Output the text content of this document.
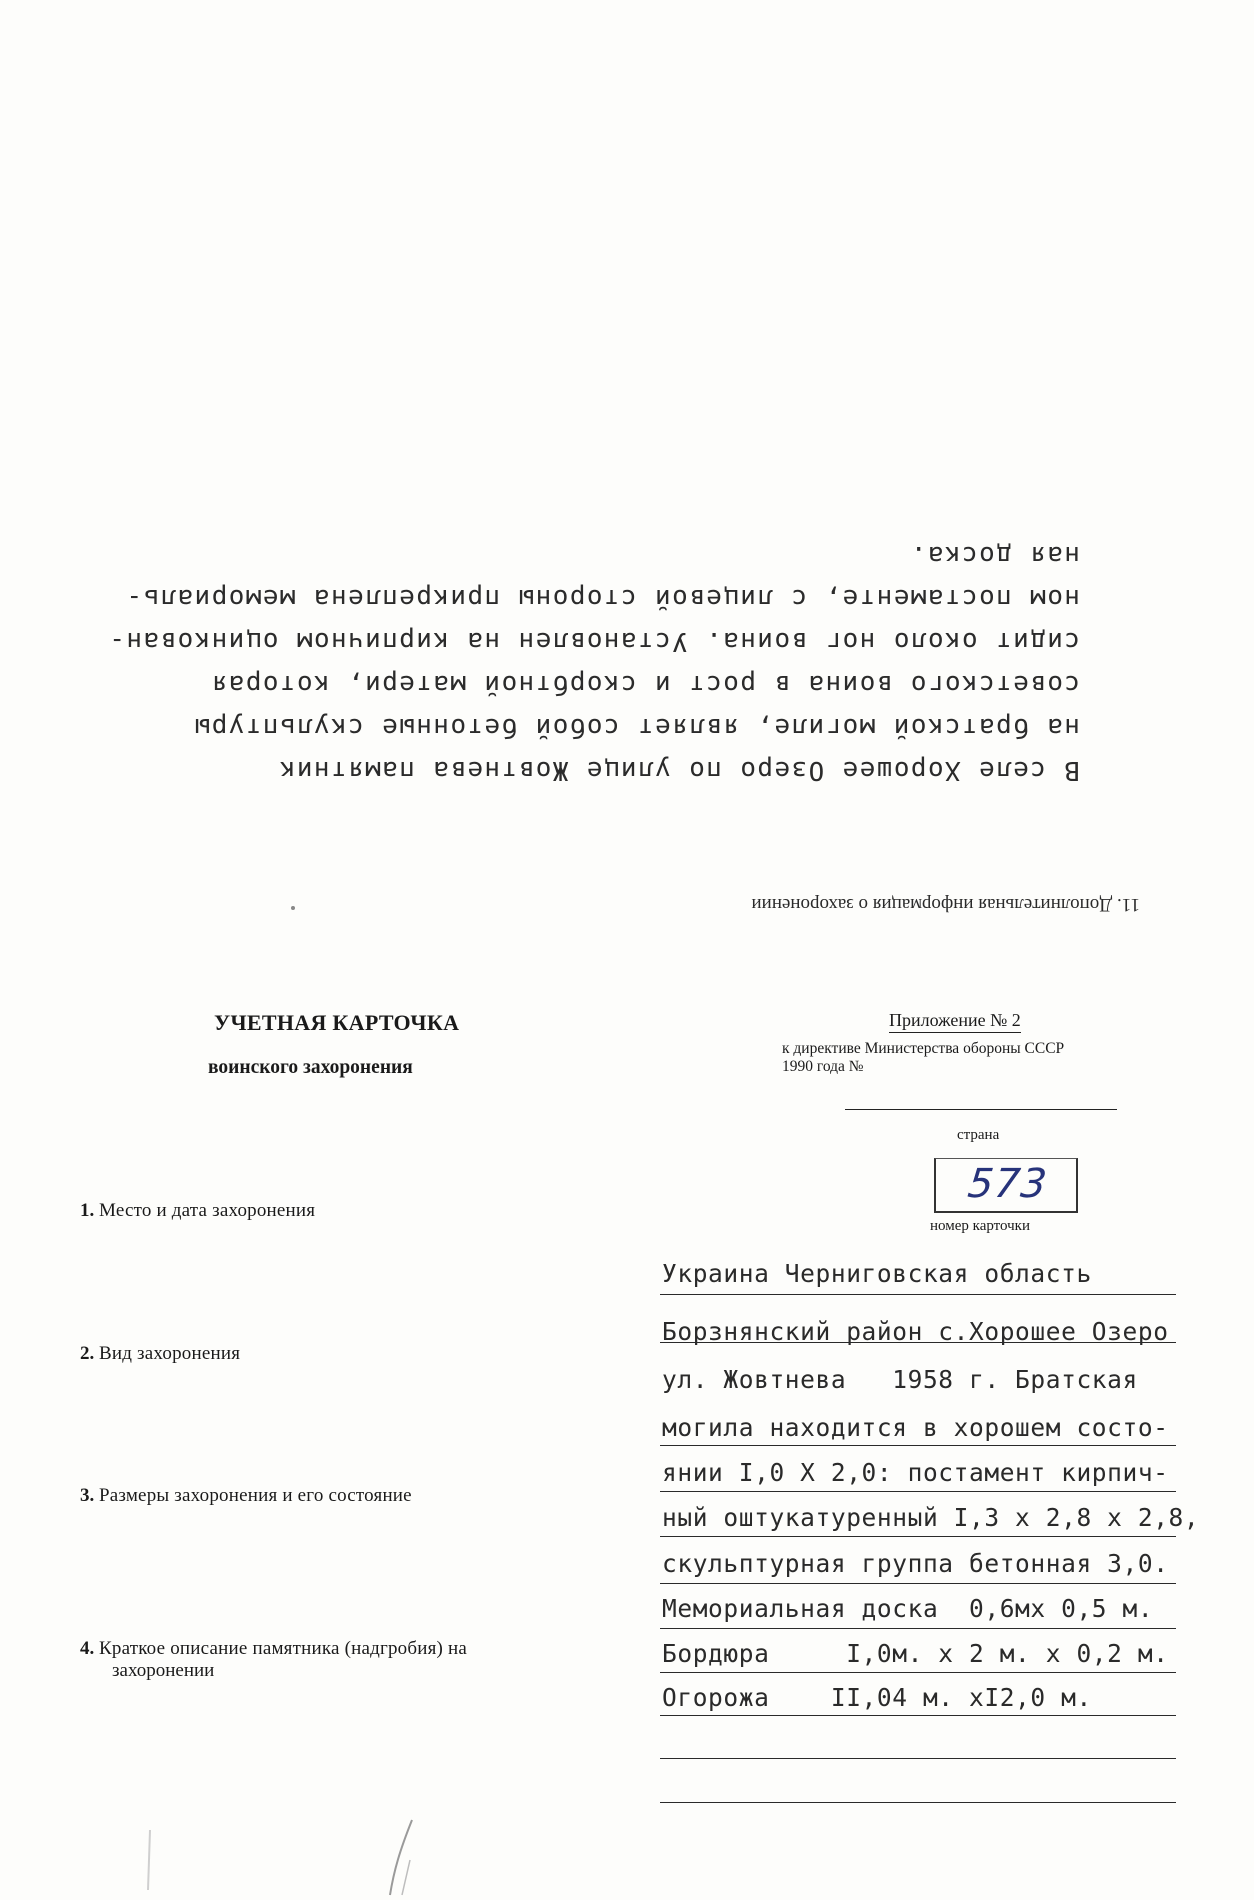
11. Дополнительная информация о захоронении
В селе Хорошее Озеро по улице Жовтнева памятник
на братской могиле, являет собой бетонные скульптуры
советского воина в рост и скорбтной матери, которая
сидит около ног воина. Установлен на кирпичном оцинкован-
ном постаменте, с лицевой стороны прикреплена мемориаль-
ная доска.
УЧЕТНАЯ КАРТОЧКА
воинского захоронения
Приложение № 2
к директиве Министерства обороны СССР
1990 года №
страна
573
номер карточки
1. Место и дата захоронения
2. Вид захоронения
3. Размеры захоронения и его состояние
4. Краткое описание памятника (надгробия) на
захоронении
Украина Черниговская область
Борзнянский район с.Хорошее Озеро
ул. Жовтнева   1958 г. Братская
могила находится в хорошем состо-
янии I,0 X 2,0: постамент кирпич-
ный оштукатуренный I,3 х 2,8 х 2,8,
скульптурная группа бетонная 3,0.
Мемориальная доска  0,6мх 0,5 м.
Бордюра     I,0м. х 2 м. х 0,2 м.
Огорожа    II,04 м. хI2,0 м.
